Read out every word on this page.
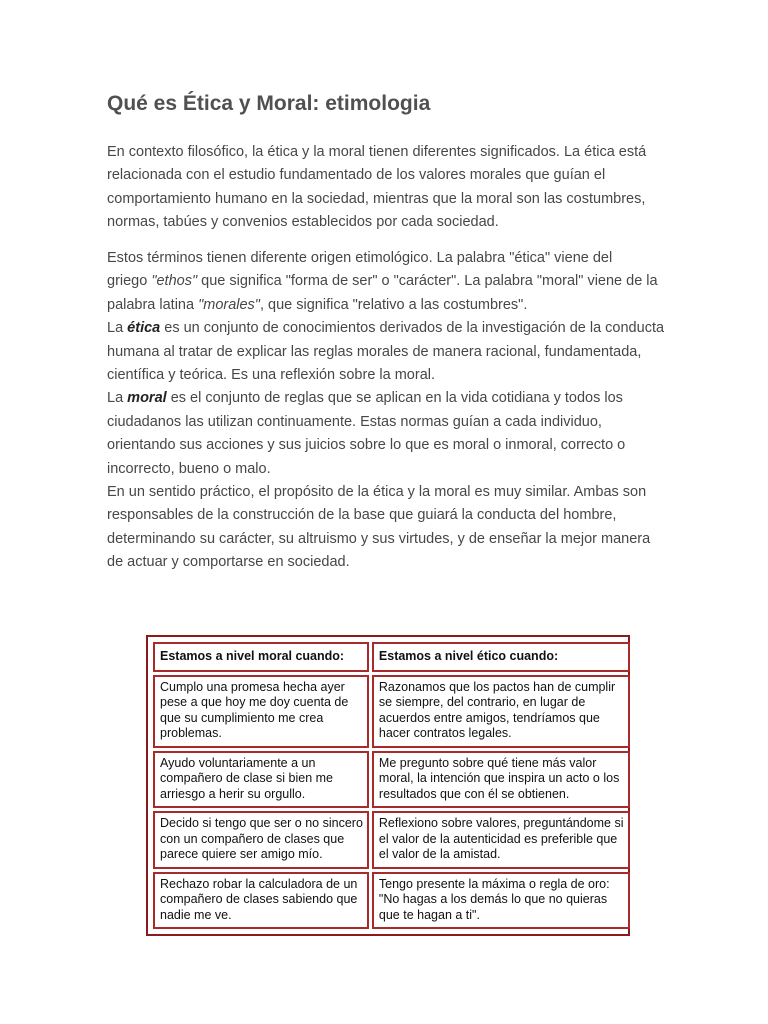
Qué es Ética y Moral: etimologia

En contexto filosófico, la ética y la moral tienen diferentes significados. La ética está
relacionada con el estudio fundamentado de los valores morales que guían el
comportamiento humano en la sociedad, mientras que la moral son las costumbres,
normas, tabúes y convenios establecidos por cada sociedad.

Estos términos tienen diferente origen etimológico. La palabra "ética" viene del
griego "ethos" que significa "forma de ser" o "carácter". La palabra "moral" viene de la
palabra latina "morales", que significa "relativo a las costumbres".
La ética es un conjunto de conocimientos derivados de la investigación de la conducta
humana al tratar de explicar las reglas morales de manera racional, fundamentada,
científica y teórica. Es una reflexión sobre la moral.
La moral es el conjunto de reglas que se aplican en la vida cotidiana y todos los
ciudadanos las utilizan continuamente. Estas normas guían a cada individuo,
orientando sus acciones y sus juicios sobre lo que es moral o inmoral, correcto o
incorrecto, bueno o malo.
En un sentido práctico, el propósito de la ética y la moral es muy similar. Ambas son
responsables de la construcción de la base que guiará la conducta del hombre,
determinando su carácter, su altruismo y sus virtudes, y de enseñar la mejor manera
de actuar y comportarse en sociedad.

Estamos a nivel moral cuando:	Estamos a nivel ético cuando:

Cumplo una promesa hecha ayer
pese a que hoy me doy cuenta de
que su cumplimiento me crea
problemas.	Razonamos que los pactos han de cumplir
se siempre, del contrario, en lugar de
acuerdos entre amigos, tendríamos que
hacer contratos legales.

Ayudo voluntariamente a un
compañero de clase si bien me
arriesgo a herir su orgullo.	Me pregunto sobre qué tiene más valor
moral, la intención que inspira un acto o los
resultados que con él se obtienen.

Decido si tengo que ser o no sincero
con un compañero de clases que
parece quiere ser amigo mío.	Reflexiono sobre valores, preguntándome si
el valor de la autenticidad es preferible que
el valor de la amistad.

Rechazo robar la calculadora de un
compañero de clases sabiendo que
nadie me ve.	Tengo presente la máxima o regla de oro:
"No hagas a los demás lo que no quieras
que te hagan a ti".
